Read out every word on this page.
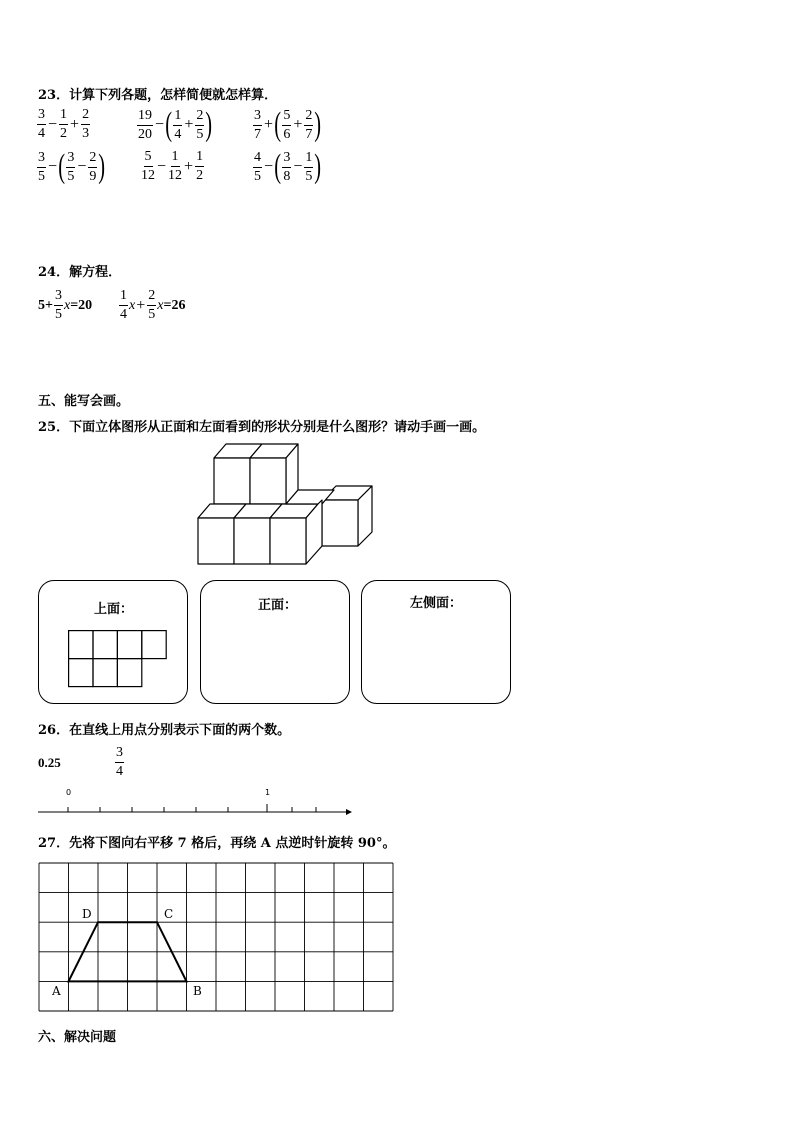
23．计算下列各题，怎样简便就怎样算．
$\frac{3}{4} - \frac{1}{2} + \frac{2}{3}$	$\frac{19}{20}$ − ( $\frac{1}{4} + \frac{2}{5}$ )	$\frac{3}{7}$ + ( $\frac{5}{6} + \frac{2}{7}$ )
$\frac{3}{5}$ − ( $\frac{3}{5} - \frac{2}{9}$ )	$\frac{5}{12} - \frac{1}{12} + \frac{1}{2}$	$\frac{4}{5}$ − ( $\frac{3}{8} - \frac{1}{5}$ )
24．解方程．
$5+ \frac{3}{5}$ $x =20 \frac{1}{4}$ $x + \frac{2}{5}$ x =26
五、能写会画。
25．下面立体图形从正面和左面看到的形状分别是什么图形？请动手画一画。
上面：	正面：	左侧面：
26．在直线上用点分别表示下面的两个数。
0.25	$\frac{3}{4}$
0	1
27．先将下图向右平移 7 格后，再绕 A 点逆时针旋转 90°。
A	B
C
D
六、解决问题
